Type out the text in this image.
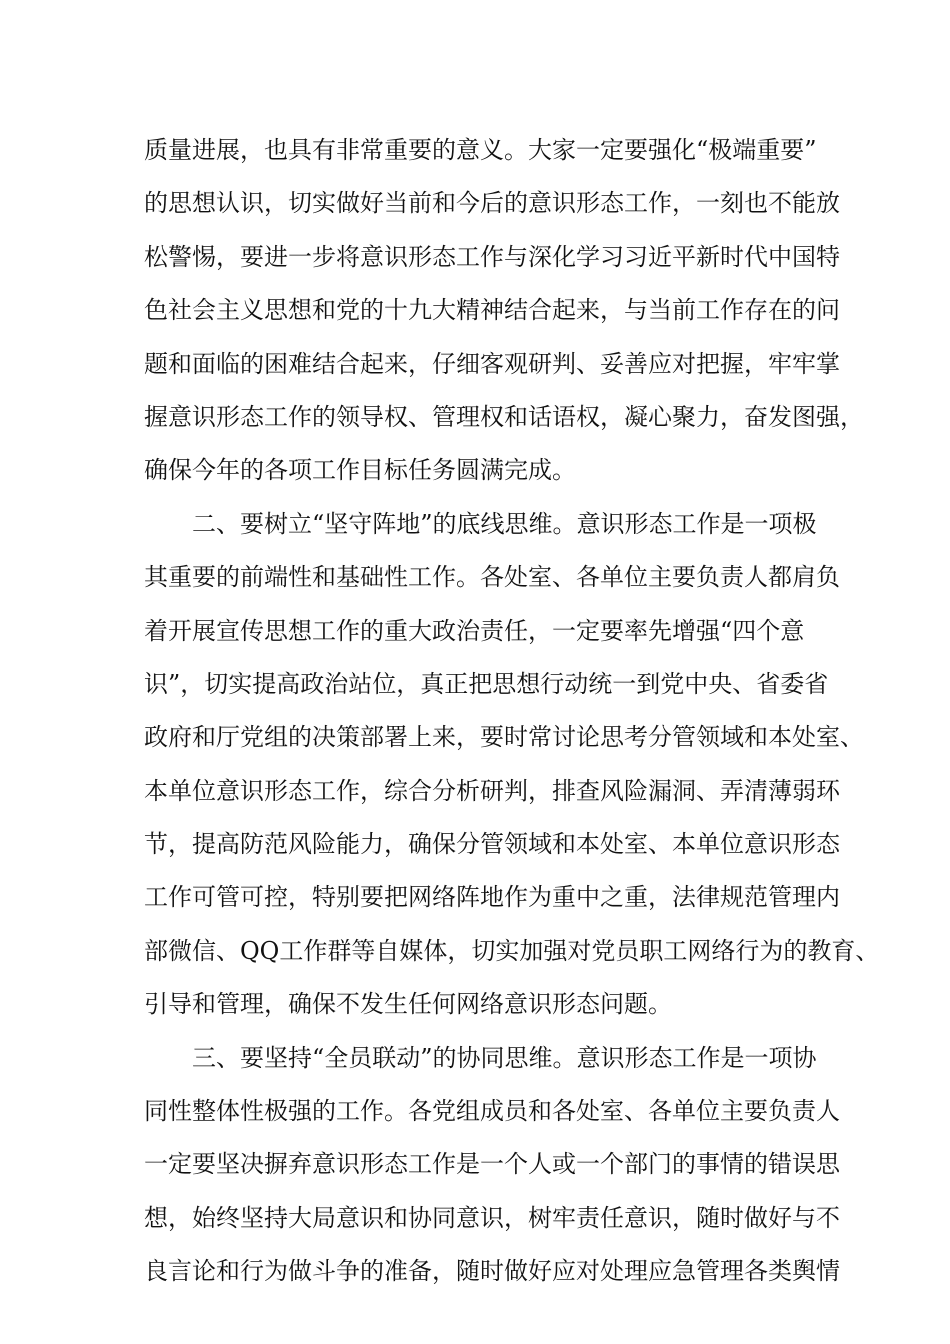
质量进展，也具有非常重要的意义。大家一定要强化“极端重要”
的思想认识，切实做好当前和今后的意识形态工作，一刻也不能放
松警惕，要进一步将意识形态工作与深化学习习近平新时代中国特
色社会主义思想和党的十九大精神结合起来，与当前工作存在的问
题和面临的困难结合起来，仔细客观研判、妥善应对把握，牢牢掌
握意识形态工作的领导权、管理权和话语权，凝心聚力，奋发图强，
确保今年的各项工作目标任务圆满完成。
　　二、要树立“坚守阵地”的底线思维。意识形态工作是一项极
其重要的前端性和基础性工作。各处室、各单位主要负责人都肩负
着开展宣传思想工作的重大政治责任，一定要率先增强“四个意
识”，切实提高政治站位，真正把思想行动统一到党中央、省委省
政府和厅党组的决策部署上来，要时常讨论思考分管领域和本处室、
本单位意识形态工作，综合分析研判，排查风险漏洞、弄清薄弱环
节，提高防范风险能力，确保分管领域和本处室、本单位意识形态
工作可管可控，特别要把网络阵地作为重中之重，法律规范管理内
部微信、QQ工作群等自媒体，切实加强对党员职工网络行为的教育、
引导和管理，确保不发生任何网络意识形态问题。
　　三、要坚持“全员联动”的协同思维。意识形态工作是一项协
同性整体性极强的工作。各党组成员和各处室、各单位主要负责人
一定要坚决摒弃意识形态工作是一个人或一个部门的事情的错误思
想，始终坚持大局意识和协同意识，树牢责任意识，随时做好与不
良言论和行为做斗争的准备，随时做好应对处理应急管理各类舆情
